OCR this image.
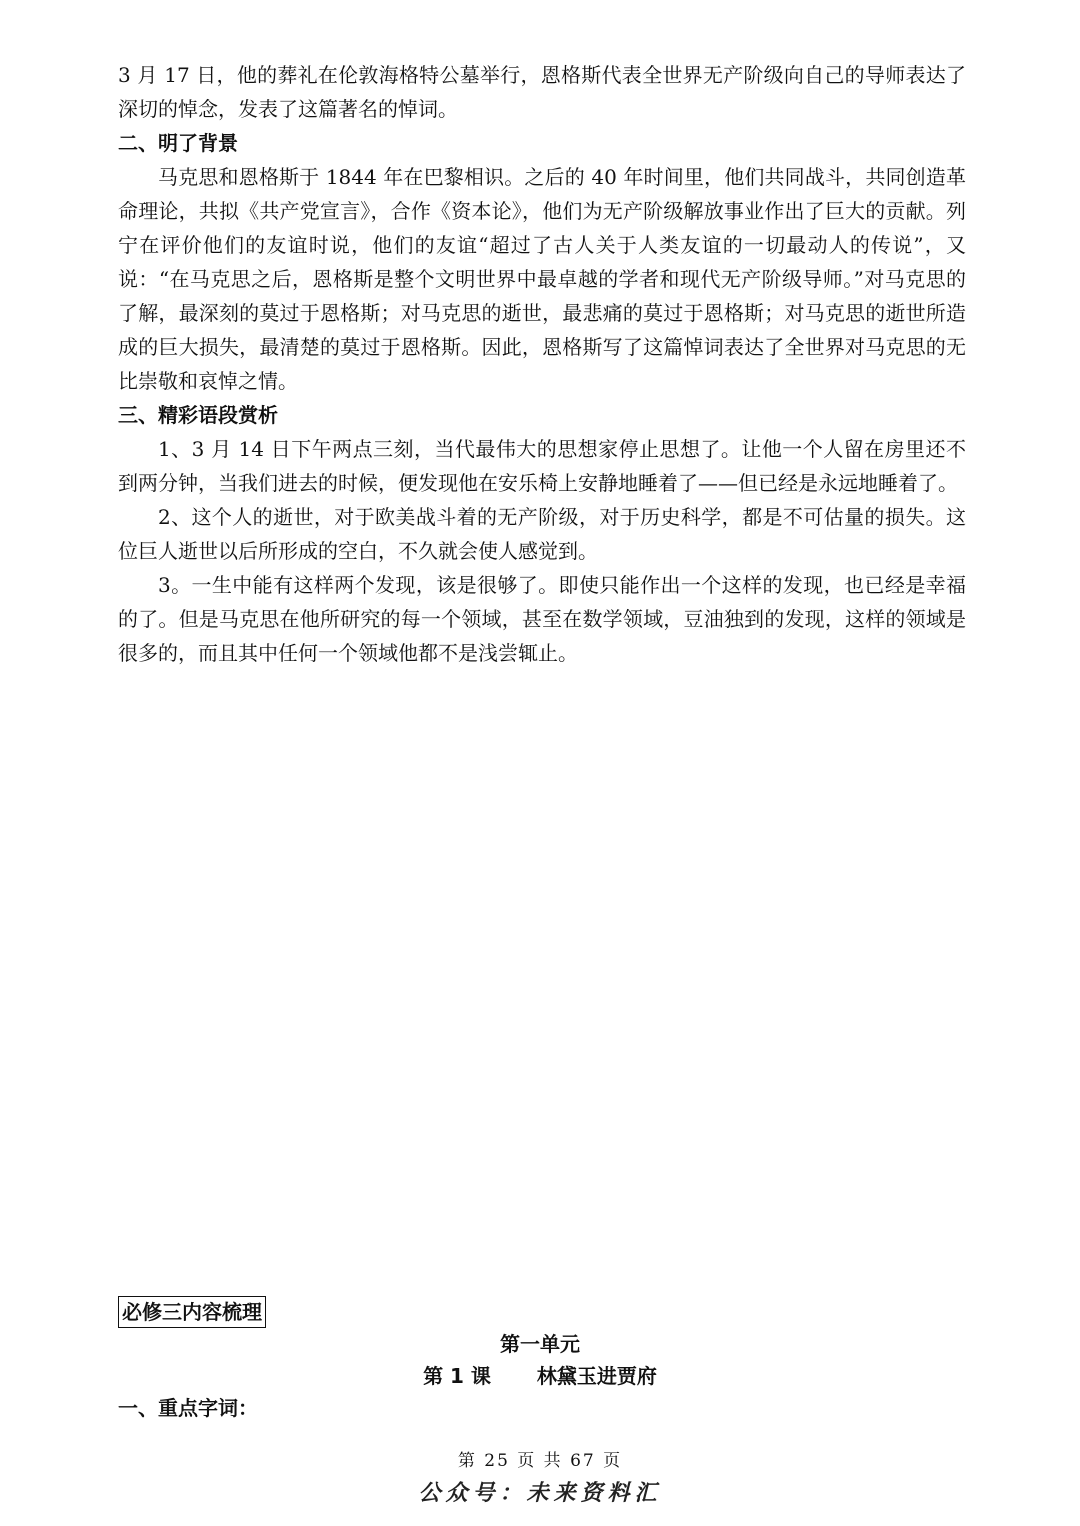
3 月 17 日，他的葬礼在伦敦海格特公墓举行，恩格斯代表全世界无产阶级向自己的导师表达了深切的悼念，发表了这篇著名的悼词。

二、明了背景

马克思和恩格斯于 1844 年在巴黎相识。之后的 40 年时间里，他们共同战斗，共同创造革命理论，共拟《共产党宣言》，合作《资本论》，他们为无产阶级解放事业作出了巨大的贡献。列宁在评价他们的友谊时说，他们的友谊“超过了古人关于人类友谊的一切最动人的传说”，又说：“在马克思之后，恩格斯是整个文明世界中最卓越的学者和现代无产阶级导师。”对马克思的了解，最深刻的莫过于恩格斯；对马克思的逝世，最悲痛的莫过于恩格斯；对马克思的逝世所造成的巨大损失，最清楚的莫过于恩格斯。因此，恩格斯写了这篇悼词表达了全世界对马克思的无比崇敬和哀悼之情。

三、精彩语段赏析

1、3 月 14 日下午两点三刻，当代最伟大的思想家停止思想了。让他一个人留在房里还不到两分钟，当我们进去的时候，便发现他在安乐椅上安静地睡着了——但已经是永远地睡着了。

2、这个人的逝世，对于欧美战斗着的无产阶级，对于历史科学，都是不可估量的损失。这位巨人逝世以后所形成的空白，不久就会使人感觉到。

3。一生中能有这样两个发现，该是很够了。即使只能作出一个这样的发现，也已经是幸福的了。但是马克思在他所研究的每一个领域，甚至在数学领域，豆油独到的发现，这样的领域是很多的，而且其中任何一个领域他都不是浅尝辄止。

必修三内容梳理
第一单元
第 1 课 林黛玉进贾府
一、重点字词：
第 25 页 共 67 页
公众号：未来资料汇
